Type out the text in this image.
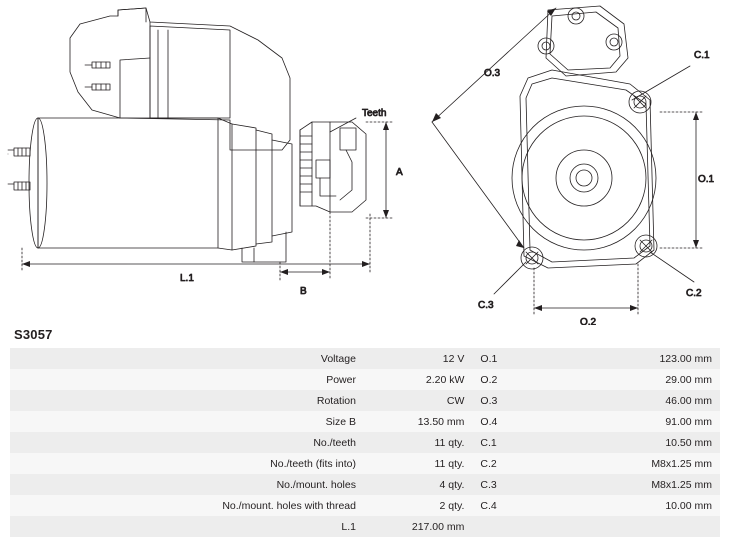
Teeth
A
L.1
B
O.3
C.1
C.2
C.3
O.1
O.2
S3057
Voltage	12 V	O.1	123.00 mm
Power	2.20 kW	O.2	29.00 mm
Rotation	CW	O.3	46.00 mm
Size B	13.50 mm	O.4	91.00 mm
No./teeth	11 qty.	C.1	10.50 mm
No./teeth (fits into)	11 qty.	C.2	M8x1.25 mm
No./mount. holes	4 qty.	C.3	M8x1.25 mm
No./mount. holes with thread	2 qty.	C.4	10.00 mm
L.1	217.00 mm		
